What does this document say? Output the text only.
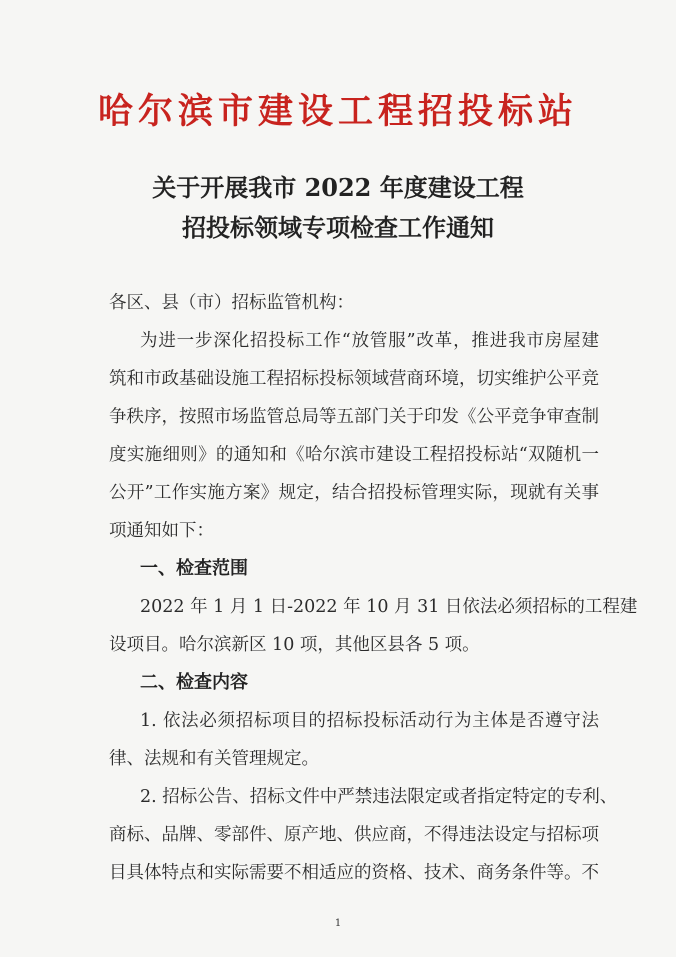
哈尔滨市建设工程招投标站
关于开展我市 2022 年度建设工程
招投标领域专项检查工作通知
各区、县（市）招标监管机构：
为进一步深化招投标工作“放管服”改革，推进我市房屋建
筑和市政基础设施工程招标投标领域营商环境，切实维护公平竞
争秩序，按照市场监管总局等五部门关于印发《公平竞争审查制
度实施细则》的通知和《哈尔滨市建设工程招投标站“双随机一
公开”工作实施方案》规定，结合招投标管理实际，现就有关事
项通知如下：
一、检查范围
2022 年 1 月 1 日-2022 年 10 月 31 日依法必须招标的工程建
设项目。哈尔滨新区 10 项，其他区县各 5 项。
二、检查内容
1. 依法必须招标项目的招标投标活动行为主体是否遵守法
律、法规和有关管理规定。
2. 招标公告、招标文件中严禁违法限定或者指定特定的专利、
商标、品牌、零部件、原产地、供应商，不得违法设定与招标项
目具体特点和实际需要不相适应的资格、技术、商务条件等。不
1
